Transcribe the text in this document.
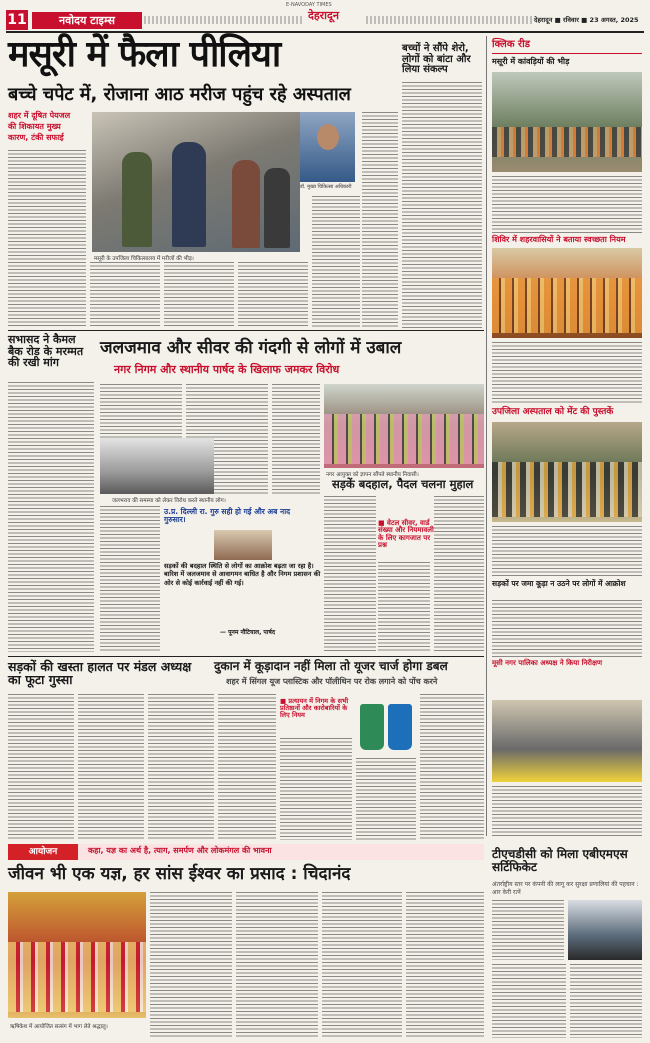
E-NAVODAY TIMES
11	नवोदय टाइम्स	देहरादून	देहरादून ■ रविवार ■ 23 अगस्त, 2025
मसूरी में फैला पीलिया
बच्चे चपेट में, रोजाना आठ मरीज पहुंच रहे अस्पताल
शहर में दूषित पेयजल
की शिकायत मुख्य
कारण, टंकी सफाई
डॉ. मुख्य चिकित्सा अधिकारी
मसूरी के उपजिला चिकित्सालय में मरीजों की भीड़।
बच्चों ने सौंपे शेरो, लोगों को बांटा और लिया संकल्प
क्लिक रीड
मसूरी में कांवड़ियों की भीड़
शिविर में शहरवासियों ने बताया स्वच्छता नियम
उपजिला अस्पताल को मेंट की पुस्तकें
सड़कों पर जमा कूड़ा न उठने पर लोगों में आक्रोश
मूसी नगर पालिका अध्यक्ष ने किया निरीक्षण
सभासद ने कैमल बैक रोड के मरम्मत की रखी मांग
जलजमाव और सीवर की गंदगी से लोगों में उबाल
नगर निगम और स्थानीय पार्षद के खिलाफ जमकर विरोध
नगर आयुक्त को ज्ञापन सौंपते स्थानीय निवासी।
जलभराव की समस्या को लेकर विरोध करते स्थानीय लोग।
सड़कें बदहाल, पैदल चलना मुहाल
■ वेटल सीवर, वार्ड संख्या और नियमावली के लिए कागजात पर प्रश्न
उ.प्र. दिल्ली रा. गुरु सही हो गई और अब नाद गुरुसार।
सड़कों की बदहाल स्थिति से लोगों का आक्रोश बढ़ता जा रहा है। बारिश में जलजमाव से आवागमन बाधित है और निगम प्रशासन की ओर से कोई कार्रवाई नहीं की गई।
— पूनम नौटियाल, पार्षद
सड़कों की खस्ता हालत पर मंडल अध्यक्ष का फूटा गुस्सा
दुकान में कूड़ादान नहीं मिला तो यूजर चार्ज होगा डबल
शहर में सिंगल यूज प्लास्टिक और पॉलीथिन पर रोक लगाने को पोंच करने
■ प्रत्यायन में निगम के सभी प्रतिष्ठानों और कारोबारियों के लिए नियम
आयोजन	कहा, यज्ञ का अर्थ है, त्याग, समर्पण और लोकमंगल की भावना
जीवन भी एक यज्ञ, हर सांस ईश्वर का प्रसाद : चिदानंद
ऋषिकेश में आयोजित सत्संग में भाग लेते श्रद्धालु।
टीएचडीसी को मिला एबीएमएस सर्टिफिकेट
अंतर्राष्ट्रीय स्तर पर कंपनी की लागू कर सुरक्षा प्रणालियां की पहचान : आर केरी रत्नें
